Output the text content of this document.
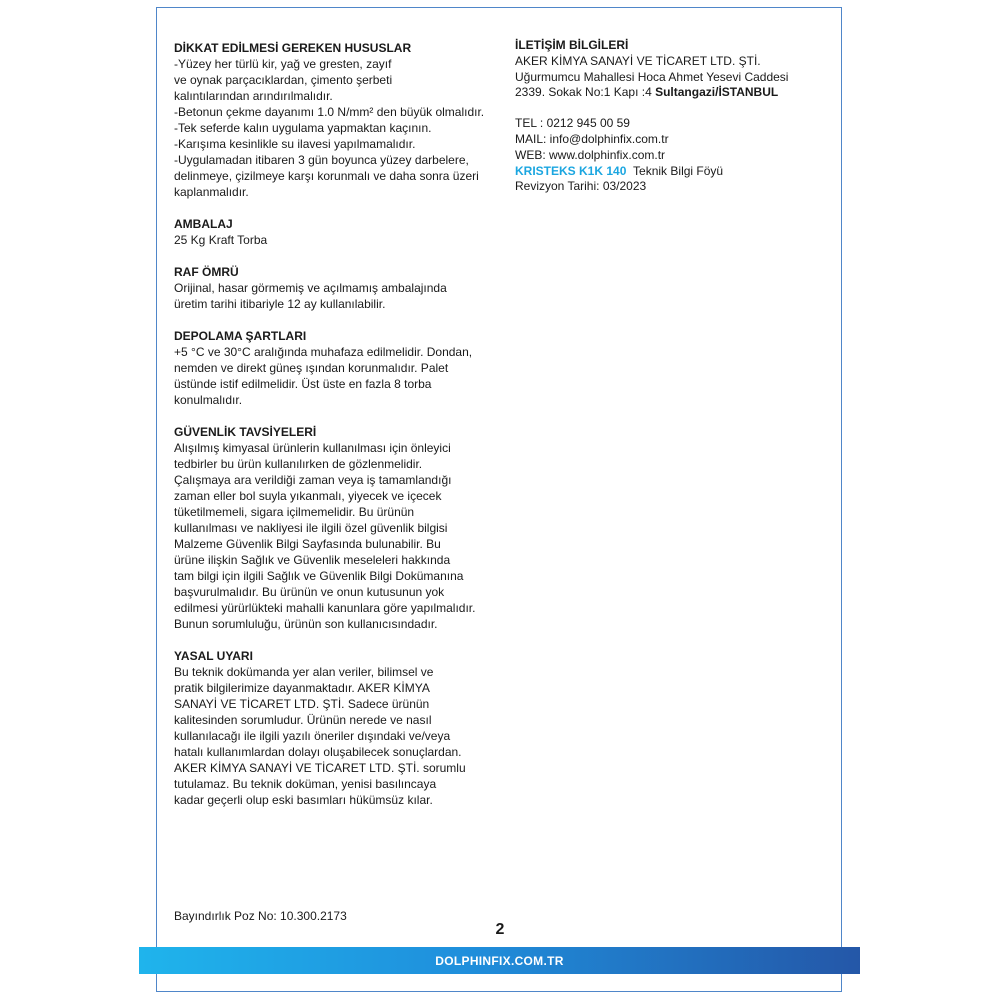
DİKKAT EDİLMESİ GEREKEN HUSUSLAR
-Yüzey her türlü kir, yağ ve gresten, zayıf
ve oynak parçacıklardan, çimento şerbeti
kalıntılarından arındırılmalıdır.
-Betonun çekme dayanımı 1.0 N/mm² den büyük olmalıdır.
-Tek seferde kalın uygulama yapmaktan kaçının.
-Karışıma kesinlikle su ilavesi yapılmamalıdır.
-Uygulamadan itibaren 3 gün boyunca yüzey darbelere,
delinmeye, çizilmeye karşı korunmalı ve daha sonra üzeri
kaplanmalıdır.
AMBALAJ
25 Kg Kraft Torba
RAF ÖMRÜ
Orijinal, hasar görmemiş ve açılmamış ambalajında
üretim tarihi itibariyle 12 ay kullanılabilir.
DEPOLAMA ŞARTLARI
+5 °C ve 30°C aralığında muhafaza edilmelidir. Dondan,
nemden ve direkt güneş ışından korunmalıdır. Palet
üstünde istif edilmelidir. Üst üste en fazla 8 torba
konulmalıdır.
GÜVENLİK TAVSİYELERİ
Alışılmış kimyasal ürünlerin kullanılması için önleyici
tedbirler bu ürün kullanılırken de gözlenmelidir.
Çalışmaya ara verildiği zaman veya iş tamamlandığı
zaman eller bol suyla yıkanmalı, yiyecek ve içecek
tüketilmemeli, sigara içilmemelidir. Bu ürünün
kullanılması ve nakliyesi ile ilgili özel güvenlik bilgisi
Malzeme Güvenlik Bilgi Sayfasında bulunabilir. Bu
ürüne ilişkin Sağlık ve Güvenlik meseleleri hakkında
tam bilgi için ilgili Sağlık ve Güvenlik Bilgi Dokümanına
başvurulmalıdır. Bu ürünün ve onun kutusunun yok
edilmesi yürürlükteki mahalli kanunlara göre yapılmalıdır.
Bunun sorumluluğu, ürünün son kullanıcısındadır.
YASAL UYARI
Bu teknik dokümanda yer alan veriler, bilimsel ve
pratik bilgilerimize dayanmaktadır. AKER KİMYA
SANAYİ VE TİCARET LTD. ŞTİ. Sadece ürünün
kalitesinden sorumludur. Ürünün nerede ve nasıl
kullanılacağı ile ilgili yazılı öneriler dışındaki ve/veya
hatalı kullanımlardan dolayı oluşabilecek sonuçlardan.
AKER KİMYA SANAYİ VE TİCARET LTD. ŞTİ. sorumlu
tutulamaz. Bu teknik doküman, yenisi basılıncaya
kadar geçerli olup eski basımları hükümsüz kılar.
İLETİŞİM BİLGİLERİ
AKER KİMYA SANAYİ VE TİCARET LTD. ŞTİ.
Uğurmumcu Mahallesi Hoca Ahmet Yesevi Caddesi
2339. Sokak No:1 Kapı :4 Sultangazi/İSTANBUL
TEL : 0212 945 00 59
MAIL: info@dolphinfix.com.tr
WEB: www.dolphinfix.com.tr
KRISTEKS K1K 140 Teknik Bilgi Föyü
Revizyon Tarihi: 03/2023
Bayındırlık Poz No: 10.300.2173
2
DOLPHINFIX.COM.TR
